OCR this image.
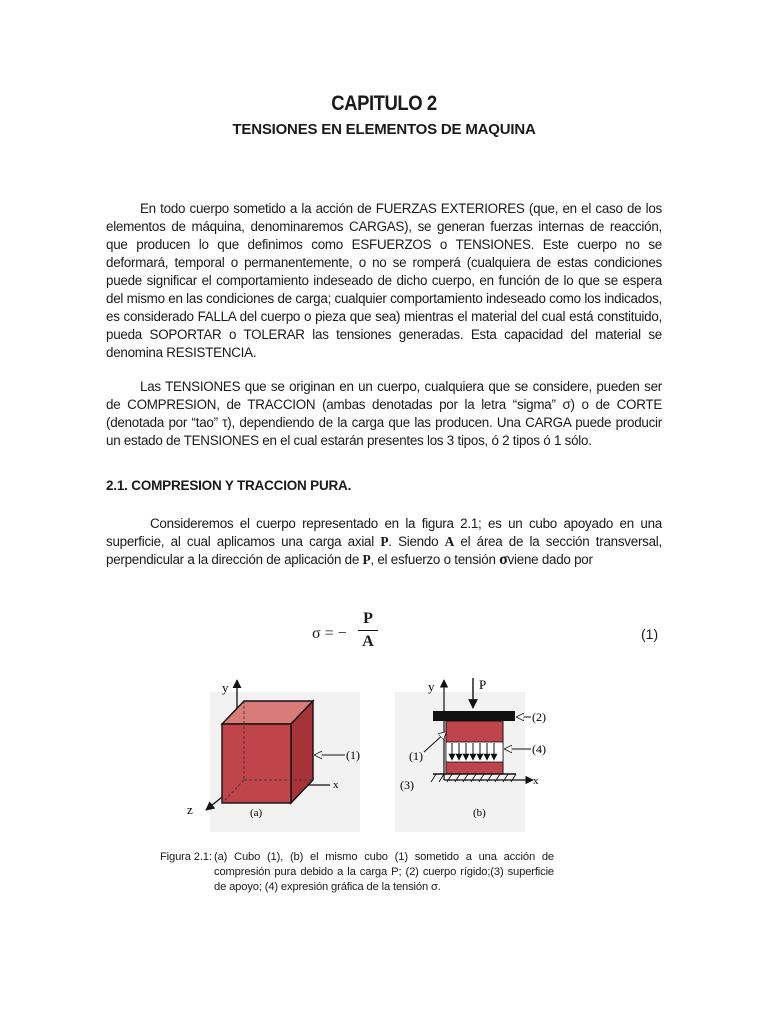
CAPITULO 2
TENSIONES EN ELEMENTOS DE MAQUINA

En todo cuerpo sometido a la acción de FUERZAS EXTERIORES (que, en el caso de los elementos de máquina, denominaremos CARGAS), se generan fuerzas internas de reacción, que producen lo que definimos como ESFUERZOS o TENSIONES. Este cuerpo no se deformará, temporal o permanentemente, o no se romperá (cualquiera de estas condiciones puede significar el comportamiento indeseado de dicho cuerpo, en función de lo que se espera del mismo en las condiciones de carga; cualquier comportamiento indeseado como los indicados, es considerado FALLA del cuerpo o pieza que sea) mientras el material del cual está constituido, pueda SOPORTAR o TOLERAR las tensiones generadas. Esta capacidad del material se denomina RESISTENCIA.

Las TENSIONES que se originan en un cuerpo, cualquiera que se considere, pueden ser de COMPRESION, de TRACCION (ambas denotadas por la letra “sigma” σ) o de CORTE (denotada por “tao” τ), dependiendo de la carga que las producen. Una CARGA puede producir un estado de TENSIONES en el cual estarán presentes los 3 tipos, ó 2 tipos ó 1 sólo.

2.1. COMPRESION Y TRACCION PURA.

Consideremos el cuerpo representado en la figura 2.1; es un cubo apoyado en una superficie, al cual aplicamos una carga axial P. Siendo A el área de la sección transversal, perpendicular a la dirección de aplicación de P, el esfuerzo o tensión σviene dado por

σ = −
P
A	(1)
(1)
y
x
z	(a)
y
x
P
(2)
(4)
(1)
(3)
(b)
Figura 2.1: (a) Cubo (1), (b) el mismo cubo (1) sometido a una acción de compresión pura debido a la carga P; (2) cuerpo rígido;(3) superficie de apoyo; (4) expresión gráfica de la tensión σ.
